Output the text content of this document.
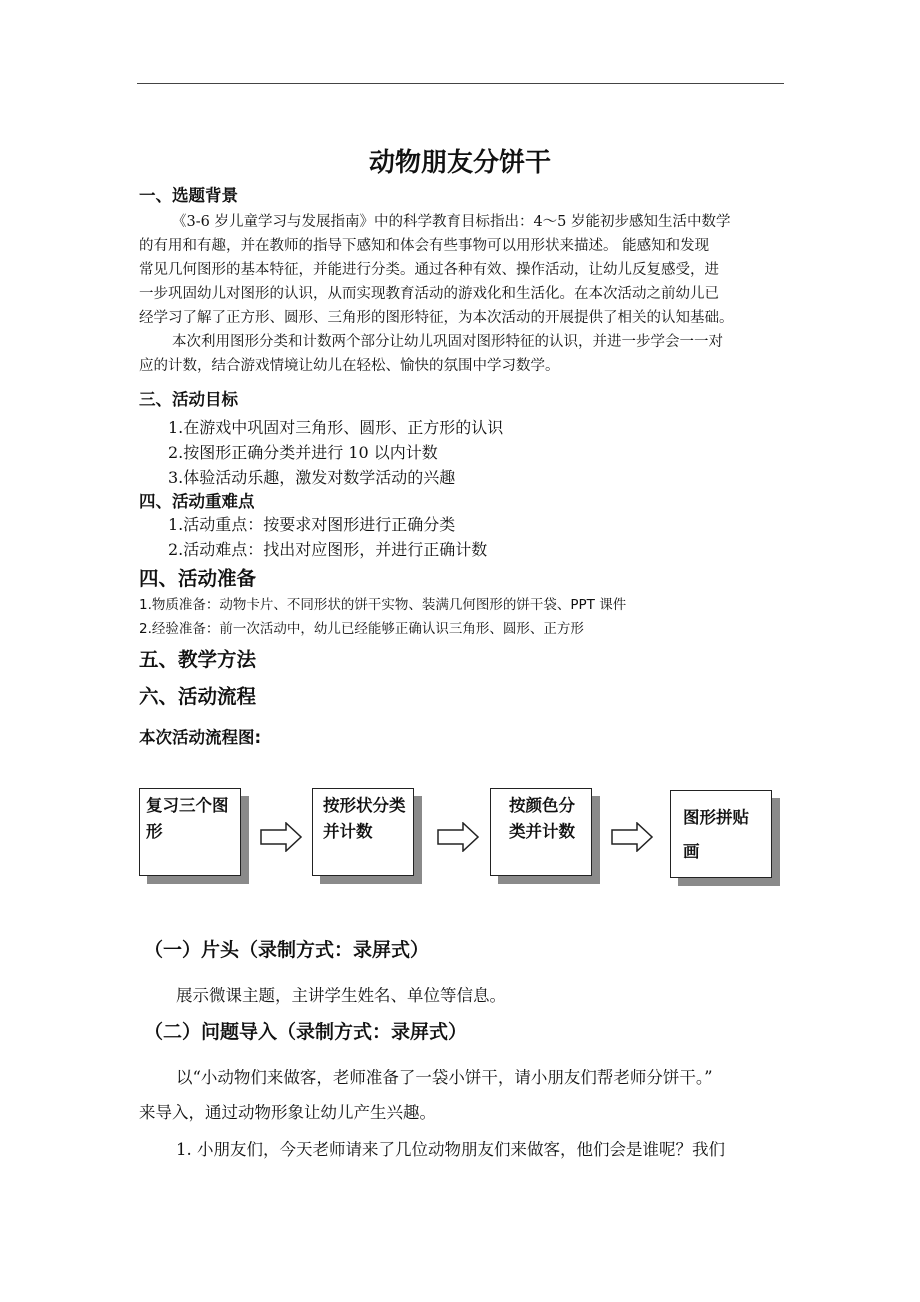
动物朋友分饼干
一、选题背景
《3-6 岁儿童学习与发展指南》中的科学教育目标指出：4～5 岁能初步感知生活中数学
的有用和有趣，并在教师的指导下感知和体会有些事物可以用形状来描述。 能感知和发现
常见几何图形的基本特征，并能进行分类。通过各种有效、操作活动，让幼儿反复感受，进
一步巩固幼儿对图形的认识，从而实现教育活动的游戏化和生活化。在本次活动之前幼儿已
经学习了解了正方形、圆形、三角形的图形特征，为本次活动的开展提供了相关的认知基础。
本次利用图形分类和计数两个部分让幼儿巩固对图形特征的认识，并进一步学会一一对
应的计数，结合游戏情境让幼儿在轻松、愉快的氛围中学习数学。
三、活动目标
1.在游戏中巩固对三角形、圆形、正方形的认识
2.按图形正确分类并进行 10 以内计数
3.体验活动乐趣，激发对数学活动的兴趣
四、活动重难点
1.活动重点：按要求对图形进行正确分类
2.活动难点：找出对应图形，并进行正确计数
四、活动准备
1.物质准备：动物卡片、不同形状的饼干实物、装满几何图形的饼干袋、PPT 课件
2.经验准备：前一次活动中，幼儿已经能够正确认识三角形、圆形、正方形
五、教学方法
六、活动流程
本次活动流程图:
复习三个图形
按形状分类并计数
按颜色分类并计数
图形拼贴画
（一）片头（录制方式：录屏式）
展示微课主题，主讲学生姓名、单位等信息。
（二）问题导入（录制方式：录屏式）
以“小动物们来做客，老师准备了一袋小饼干，请小朋友们帮老师分饼干。”
来导入，通过动物形象让幼儿产生兴趣。
1. 小朋友们，今天老师请来了几位动物朋友们来做客，他们会是谁呢？我们
